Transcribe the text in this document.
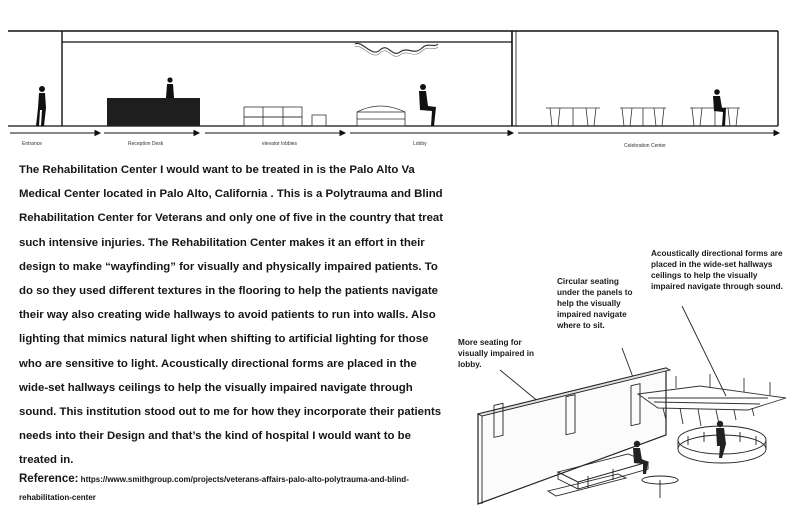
Entrance	Reception Desk	elevator lobbies	Lobby	Celebration Center

The Rehabilitation Center I would want to be treated in is the Palo Alto Va Medical Center located in Palo Alto, California . This is a Polytrauma and Blind Rehabilitation Center for Veterans and only one of five in the country that treat such intensive injuries. The Rehabilitation Center makes it an effort in their design to make “wayfinding” for visually and physically impaired patients. To do so they used different textures in the flooring to help the patients navigate their way also creating wide hallways to avoid patients to run into walls. Also lighting that mimics natural light when shifting to artificial lighting for those who are sensitive to light. Acoustically directional forms are placed in the wide-set hallways ceilings to help the visually impaired navigate through sound. This institution stood out to me for how they incorporate their patients needs into their Design and that’s the kind of hospital I would want to be treated in.

Reference: https://www.smithgroup.com/projects/veterans-affairs-palo-alto-polytrauma-and-blind-rehabilitation-center

Acoustically directional forms are placed in the wide-set hallways ceilings to help the visually impaired navigate through sound.

Circular seating under the panels to help the visually impaired navigate where to sit.

More seating for visually impaired in lobby.
